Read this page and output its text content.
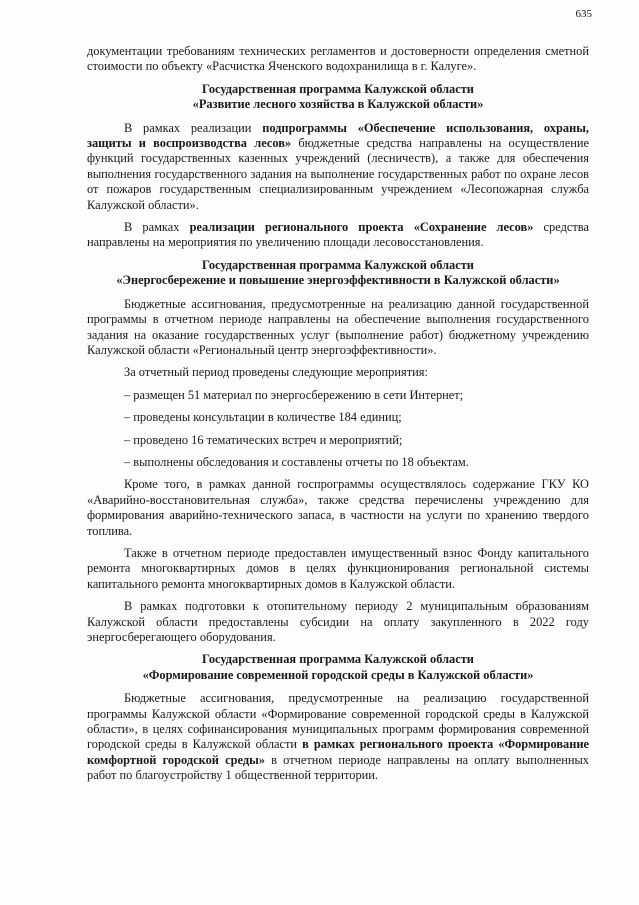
635

документации требованиям технических регламентов и достоверности определения сметной стоимости по объекту «Расчистка Яченского водохранилища в г. Калуге».

Государственная программа Калужской области
«Развитие лесного хозяйства в Калужской области»

В рамках реализации подпрограммы «Обеспечение использования, охраны, защиты и воспроизводства лесов» бюджетные средства направлены на осуществление функций государственных казенных учреждений (лесничеств), а также для обеспечения выполнения государственного задания на выполнение государственных работ по охране лесов от пожаров государственным специализированным учреждением «Лесопожарная служба Калужской области».

В рамках реализации регионального проекта «Сохранение лесов» средства направлены на мероприятия по увеличению площади лесовосстановления.

Государственная программа Калужской области
«Энергосбережение и повышение энергоэффективности в Калужской области»

Бюджетные ассигнования, предусмотренные на реализацию данной государственной программы в отчетном периоде направлены на обеспечение выполнения государственного задания на оказание государственных услуг (выполнение работ) бюджетному учреждению Калужской области «Региональный центр энергоэффективности».

За отчетный период проведены следующие мероприятия:

– размещен 51 материал по энергосбережению в сети Интернет;

– проведены консультации в количестве 184 единиц;

– проведено 16 тематических встреч и мероприятий;

– выполнены обследования и составлены отчеты по 18 объектам.

Кроме того, в рамках данной госпрограммы осуществлялось содержание ГКУ КО «Аварийно-восстановительная служба», также средства перечислены учреждению для формирования аварийно-технического запаса, в частности на услуги по хранению твердого топлива.

Также в отчетном периоде предоставлен имущественный взнос Фонду капитального ремонта многоквартирных домов в целях функционирования региональной системы капитального ремонта многоквартирных домов в Калужской области.

В рамках подготовки к отопительному периоду 2 муниципальным образованиям Калужской области предоставлены субсидии на оплату закупленного в 2022 году энергосберегающего оборудования.

Государственная программа Калужской области
«Формирование современной городской среды в Калужской области»

Бюджетные ассигнования, предусмотренные на реализацию государственной программы Калужской области «Формирование современной городской среды в Калужской области», в целях софинансирования муниципальных программ формирования современной городской среды в Калужской области в рамках регионального проекта «Формирование комфортной городской среды» в отчетном периоде направлены на оплату выполненных работ по благоустройству 1 общественной территории.
